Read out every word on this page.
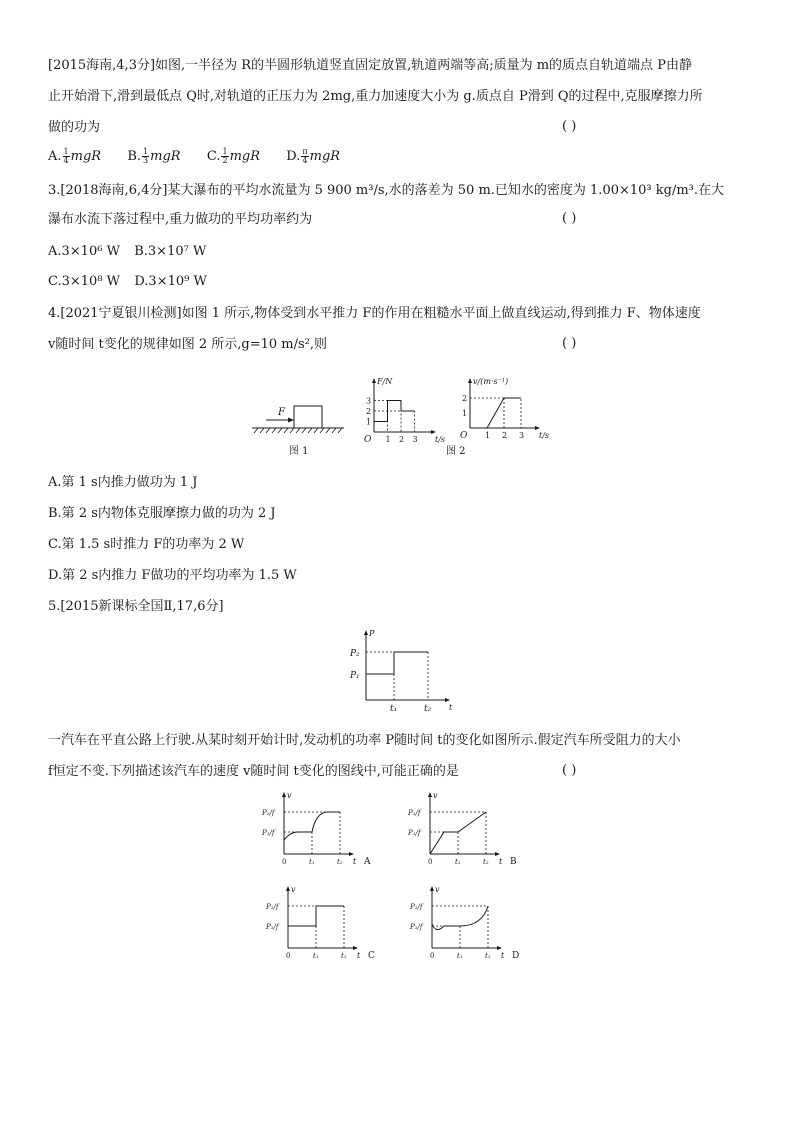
[2015海南,4,3分]如图,一半径为 R的半圆形轨道竖直固定放置,轨道两端等高;质量为 m的质点自轨道端点 P由静
止开始滑下,滑到最低点 Q时,对轨道的正压力为 2mg,重力加速度大小为 g.质点自 P滑到 Q的过程中,克服摩擦力所
做的功为	( )
A. $\frac{1}{4}$ mgR B. $\frac{1}{3}$ mgR C. $\frac{1}{2}$ mgR D. $\frac{\pi}{4}$ mgR
3.[2018海南,6,4分]某大瀑布的平均水流量为 5 900 m³/s,水的落差为 50 m.已知水的密度为 1.00×10³ kg/m³.在大
瀑布水流下落过程中,重力做功的平均功率约为	( )
A.3×10⁶ W B.3×10⁷ W
C.3×10⁸ W D.3×10⁹ W
4.[2021宁夏银川检测]如图 1 所示,物体受到水平推力 F的作用在粗糙水平面上做直线运动,得到推力 F、物体速度
v随时间 t变化的规律如图 2 所示,g=10 m/s²,则	( )
F
图 1
t/s
F/N
O
1
2
3
1 2 3	t/s
v/(m·s⁻¹)
O
1
2
1 2 3
图 2
A.第 1 s内推力做功为 1 J
B.第 2 s内物体克服摩擦力做的功为 2 J
C.第 1.5 s时推力 F的功率为 2 W
D.第 2 s内推力 F做功的平均功率为 1.5 W
5.[2015新课标全国Ⅱ,17,6分]
t
P
P₂
P₁
t₁	t₂
一汽车在平直公路上行驶.从某时刻开始计时,发动机的功率 P随时间 t的变化如图所示.假定汽车所受阻力的大小
f恒定不变.下列描述该汽车的速度 v随时间 t变化的图线中,可能正确的是	( )
t
v
P₂/f
P₁/f
0	t₁	t₂ A	t
v
P₂/f
P₁/f
0	t₁	t₂ B
t
v
P₂/f
P₁/f
0	t₁	t₂ C	t
v
P₂/f
P₁/f
0	t₁	t₂ D
